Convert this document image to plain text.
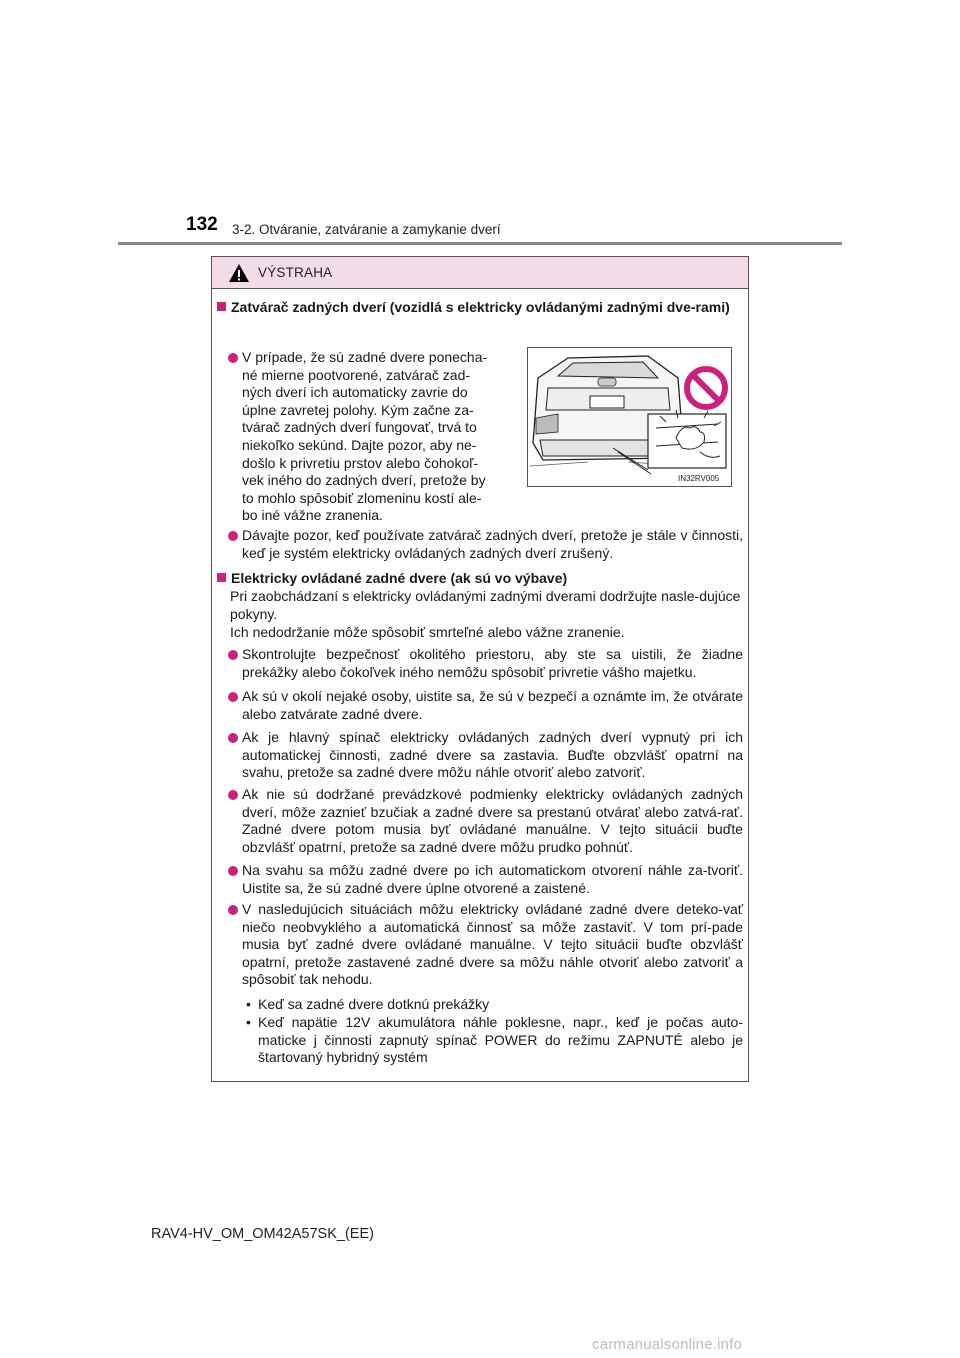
132 3-2. Otváranie, zatváranie a zamykanie dverí
VÝSTRAHA
Zatvárač zadných dverí (vozidlá s elektricky ovládanými zadnými dve-rami)
V prípade, že sú zadné dvere ponecha-
né mierne pootvorené, zatvárač zad-
ných dverí ich automaticky zavrie do
úplne zavretej polohy. Kým začne za-
tvárač zadných dverí fungovať, trvá to
niekoľko sekúnd. Dajte pozor, aby ne-
došlo k privretiu prstov alebo čohokoľ-
vek iného do zadných dverí, pretože by
to mohlo spôsobiť zlomeninu kostí ale-
bo iné vážne zranenia.
IN32RV005
Dávajte pozor, keď používate zatvárač zadných dverí, pretože je stále v činnosti, keď je systém elektricky ovládaných zadných dverí zrušený.
Elektricky ovládané zadné dvere (ak sú vo výbave)
Pri zaobchádzaní s elektricky ovládanými zadnými dverami dodržujte nasle-dujúce pokyny.
Ich nedodržanie môže spôsobiť smrteľné alebo vážne zranenie.
Skontrolujte bezpečnosť okolitého priestoru, aby ste sa uistili, že žiadne prekážky alebo čokoľvek iného nemôžu spôsobiť privretie vášho majetku.
Ak sú v okolí nejaké osoby, uistite sa, že sú v bezpečí a oznámte im, že otvárate alebo zatvárate zadné dvere.
Ak je hlavný spínač elektricky ovládaných zadných dverí vypnutý pri ich automatickej činnosti, zadné dvere sa zastavia. Buďte obzvlášť opatrní na svahu, pretože sa zadné dvere môžu náhle otvoriť alebo zatvoriť.
Ak nie sú dodržané prevádzkové podmienky elektricky ovládaných zadných dverí, môže zaznieť bzučiak a zadné dvere sa prestanú otvárať alebo zatvá-rať. Zadné dvere potom musia byť ovládané manuálne. V tejto situácii buďte obzvlášť opatrní, pretože sa zadné dvere môžu prudko pohnúť.
Na svahu sa môžu zadné dvere po ich automatickom otvorení náhle za-tvoriť. Uistite sa, že sú zadné dvere úplne otvorené a zaistené.
V nasledujúcich situáciách môžu elektricky ovládané zadné dvere deteko-vať niečo neobvyklého a automatická činnosť sa môže zastaviť. V tom prí-pade musia byť zadné dvere ovládané manuálne. V tejto situácii buďte obzvlášť opatrní, pretože zastavené zadné dvere sa môžu náhle otvoriť alebo zatvoriť a spôsobiť tak nehodu.
• Keď sa zadné dvere dotknú prekážky
• Keď napätie 12V akumulátora náhle poklesne, napr., keď je počas auto-maticke j činnosti zapnutý spínač POWER do režimu ZAPNUTÉ alebo je štartovaný hybridný systém
RAV4-HV_OM_OM42A57SK_(EE)
carmanualsonline.info
